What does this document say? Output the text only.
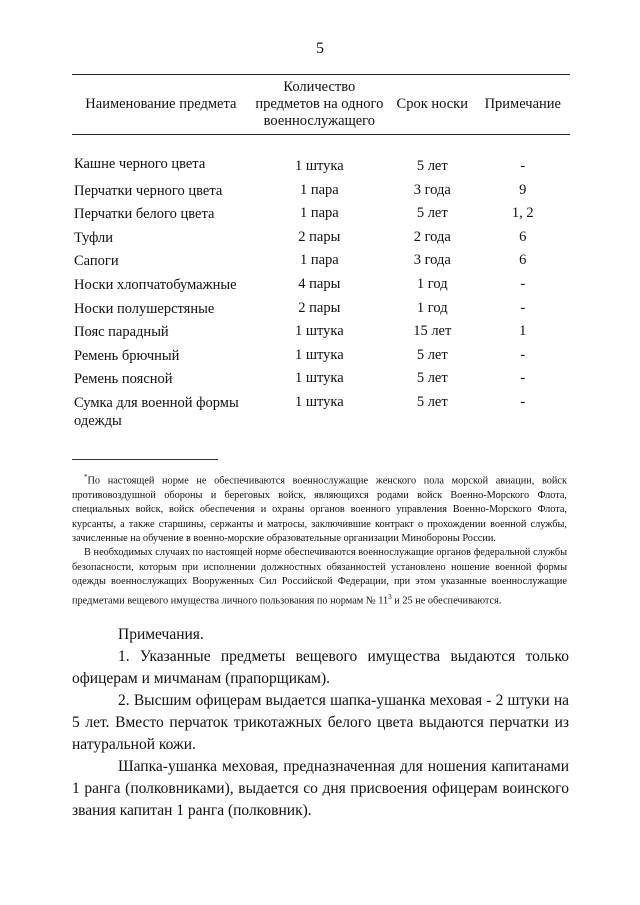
5
Наименование предмета	Количество предметов на одного военнослужащего	Срок носки	Примечание
Кашне черного цвета	1 штука	5 лет	-
Перчатки черного цвета	1 пара	3 года	9
Перчатки белого цвета	1 пара	5 лет	1, 2
Туфли	2 пары	2 года	6
Сапоги	1 пара	3 года	6
Носки хлопчатобумажные	4 пары	1 год	-
Носки полушерстяные	2 пары	1 год	-
Пояс парадный	1 штука	15 лет	1
Ремень брючный	1 штука	5 лет	-
Ремень поясной	1 штука	5 лет	-
Сумка для военной формы одежды	1 штука	5 лет	-

*По настоящей норме не обеспечиваются военнослужащие женского пола морской авиации, войск противовоздушной обороны и береговых войск, являющихся родами войск Военно-Морского Флота, специальных войск, войск обеспечения и охраны органов военного управления Военно-Морского Флота, курсанты, а также старшины, сержанты и матросы, заключившие контракт о прохождении военной службы, зачисленные на обучение в военно-морские образовательные организации Минобороны России.

В необходимых случаях по настоящей норме обеспечиваются военнослужащие органов федеральной службы безопасности, которым при исполнении должностных обязанностей установлено ношение военной формы одежды военнослужащих Вооруженных Сил Российской Федерации, при этом указанные военнослужащие предметами вещевого имущества личного пользования по нормам № $11^3$ и 25 не обеспечиваются.

Примечания.

1. Указанные предметы вещевого имущества выдаются только офицерам и мичманам (прапорщикам).

2. Высшим офицерам выдается шапка-ушанка меховая - 2 штуки на 5 лет. Вместо перчаток трикотажных белого цвета выдаются перчатки из натуральной кожи.

Шапка-ушанка меховая, предназначенная для ношения капитанами 1 ранга (полковниками), выдается со дня присвоения офицерам воинского звания капитан 1 ранга (полковник).
